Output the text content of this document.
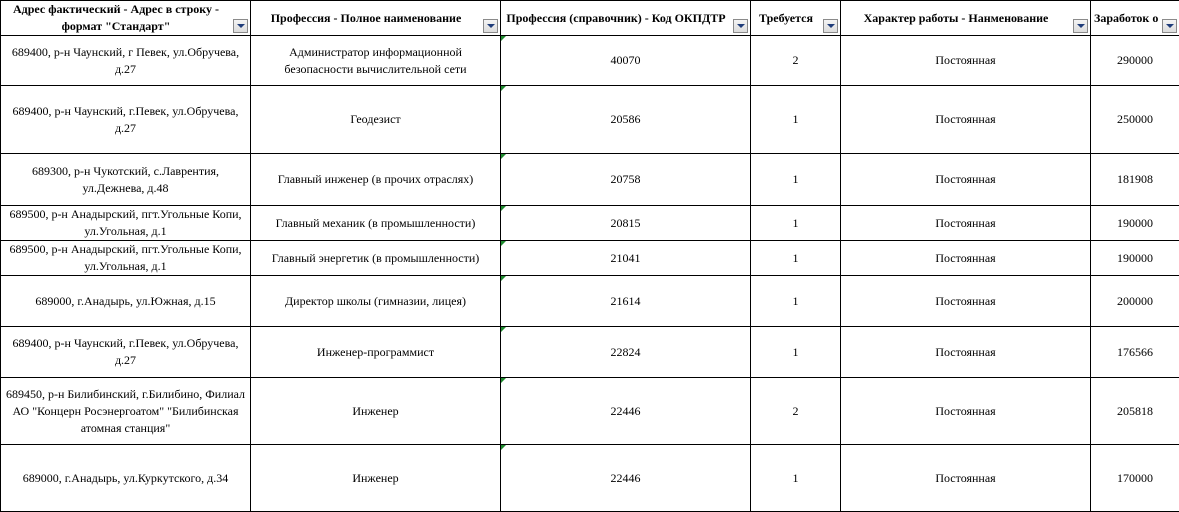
Адрес фактический - Адрес в строку - формат "Стандарт"	Профессия - Полное наименование	Профессия (справочник) - Код ОКПДТР	Требуется	Характер работы - Нанменование	Заработок о

689400, р-н Чаунский, г Певек, ул.Обручева, д.27	Администратор информационной безопасности вычислительной сети	40070	2	Постоянная	290000
689400, р-н Чаунский, г.Певек, ул.Обручева, д.27	Геодезист	20586	1	Постоянная	250000
689300, р-н Чукотский, с.Лаврентия, ул.Дежнева, д.48	Главный инженер (в прочих отраслях)	20758	1	Постоянная	181908
689500, р-н Анадырский, пгт.Угольные Копи, ул.Угольная, д.1	Главный механик (в промышленности)	20815	1	Постоянная	190000
689500, р-н Анадырский, пгт.Угольные Копи, ул.Угольная, д.1	Главный энергетик (в промышленности)	21041	1	Постоянная	190000
689000, г.Анадырь, ул.Южная, д.15	Директор школы (гимназии, лицея)	21614	1	Постоянная	200000
689400, р-н Чаунский, г.Певек, ул.Обручева, д.27	Инженер-программист	22824	1	Постоянная	176566
689450, р-н Билибинский, г.Билибино, Филиал АО "Концерн Росэнергоатом" "Билибинская атомная станция"	Инженер	22446	2	Постоянная	205818
689000, г.Анадырь, ул.Куркутского, д.34	Инженер	22446	1	Постоянная	170000
